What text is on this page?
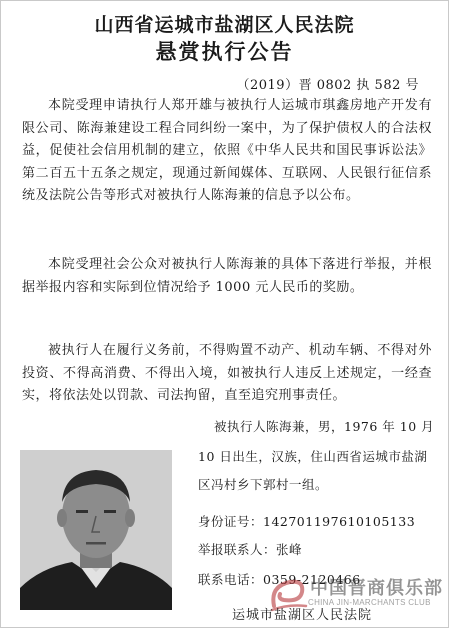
山西省运城市盐湖区人民法院
悬赏执行公告
（2019）晋 0802 执 582 号

本院受理申请执行人郑开雄与被执行人运城市琪鑫房地产开发有限公司、陈海兼建设工程合同纠纷一案中，为了保护债权人的合法权益，促使社会信用机制的建立，依照《中华人民共和国民事诉讼法》第二百五十五条之规定，现通过新闻媒体、互联网、人民银行征信系统及法院公告等形式对被执行人陈海兼的信息予以公布。

本院受理社会公众对被执行人陈海兼的具体下落进行举报，并根据举报内容和实际到位情况给予 1000 元人民币的奖励。

被执行人在履行义务前，不得购置不动产、机动车辆、不得对外投资、不得高消费、不得出入境，如被执行人违反上述规定，一经查实，将依法处以罚款、司法拘留，直至追究刑事责任。

被执行人陈海兼，男，1976 年 10 月
10 日出生，汉族，住山西省运城市盐湖
区冯村乡下郭村一组。
身份证号：142701197610105133
举报联系人：张峰
联系电话：0359-2120466
中国晋商俱乐部
CHINA JIN-MARCHANTS CLUB
运城市盐湖区人民法院
